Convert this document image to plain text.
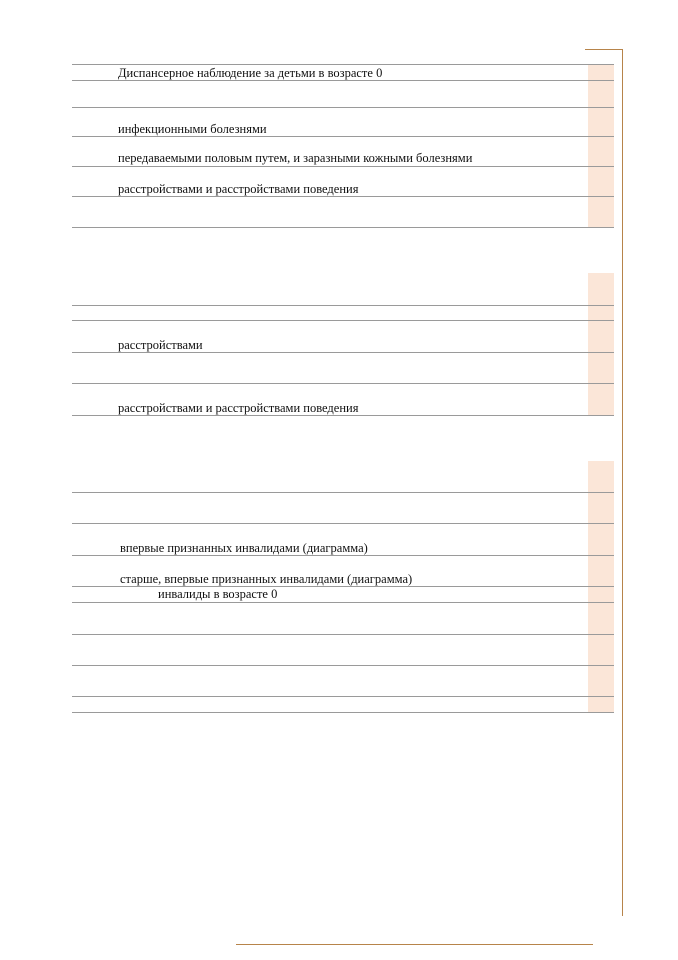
Диспансерное наблюдение за детьми в возрасте 0
инфекционными болезнями
передаваемыми половым путем, и заразными кожными болезнями
расстройствами и расстройствами поведения
расстройствами
расстройствами и расстройствами поведения
впервые признанных инвалидами (диаграмма)
старше, впервые признанных инвалидами (диаграмма)
инвалиды в возрасте 0
